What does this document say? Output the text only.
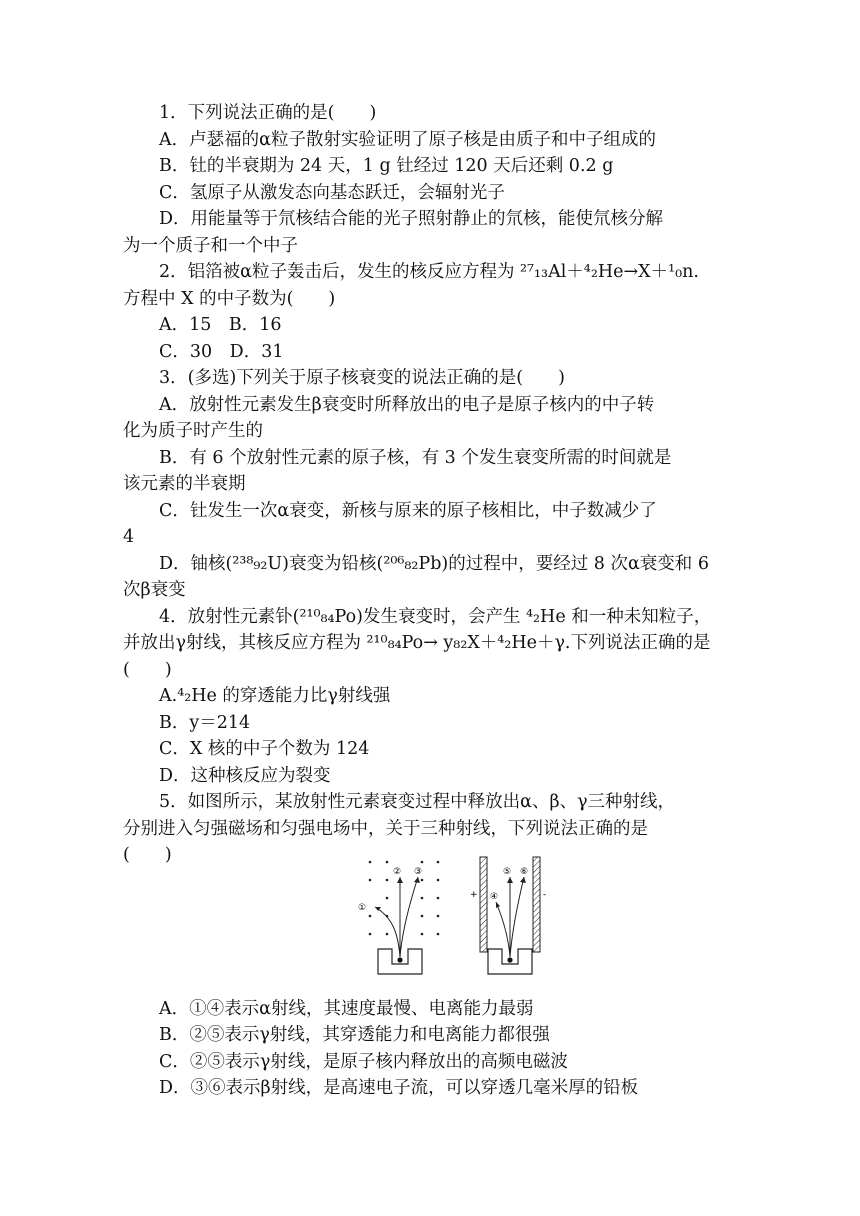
1．下列说法正确的是(　　)
A．卢瑟福的α粒子散射实验证明了原子核是由质子和中子组成的
B．钍的半衰期为 24 天，1 g 钍经过 120 天后还剩 0.2 g
C．氢原子从激发态向基态跃迁，会辐射光子
D．用能量等于氘核结合能的光子照射静止的氘核，能使氘核分解
为一个质子和一个中子
2．铝箔被α粒子轰击后，发生的核反应方程为 ²⁷₁₃Al＋⁴₂He→X＋¹₀n.
方程中 X 的中子数为(　　)
A．15　B．16
C．30　D．31
3．(多选)下列关于原子核衰变的说法正确的是(　　)
A．放射性元素发生β衰变时所释放出的电子是原子核内的中子转
化为质子时产生的
B．有 6 个放射性元素的原子核，有 3 个发生衰变所需的时间就是
该元素的半衰期
C．钍发生一次α衰变，新核与原来的原子核相比，中子数减少了
4
D．铀核(²³⁸₉₂U)衰变为铅核(²⁰⁶₈₂Pb)的过程中，要经过 8 次α衰变和 6
次β衰变
4．放射性元素钋(²¹⁰₈₄Po)发生衰变时，会产生 ⁴₂He 和一种未知粒子，
并放出γ射线，其核反应方程为 ²¹⁰₈₄Po→ y₈₂X＋⁴₂He＋γ.下列说法正确的是
(　　)
A.⁴₂He 的穿透能力比γ射线强
B．y＝214
C．X 核的中子个数为 124
D．这种核反应为裂变
5．如图所示，某放射性元素衰变过程中释放出α、β、γ三种射线，
分别进入匀强磁场和匀强电场中，关于三种射线，下列说法正确的是
(　　)
A．①④表示α射线，其速度最慢、电离能力最弱
B．②⑤表示γ射线，其穿透能力和电离能力都很强
C．②⑤表示γ射线，是原子核内释放出的高频电磁波
D．③⑥表示β射线，是高速电子流，可以穿透几毫米厚的铅板
② ③
①
+	-
⑤ ⑥
④
